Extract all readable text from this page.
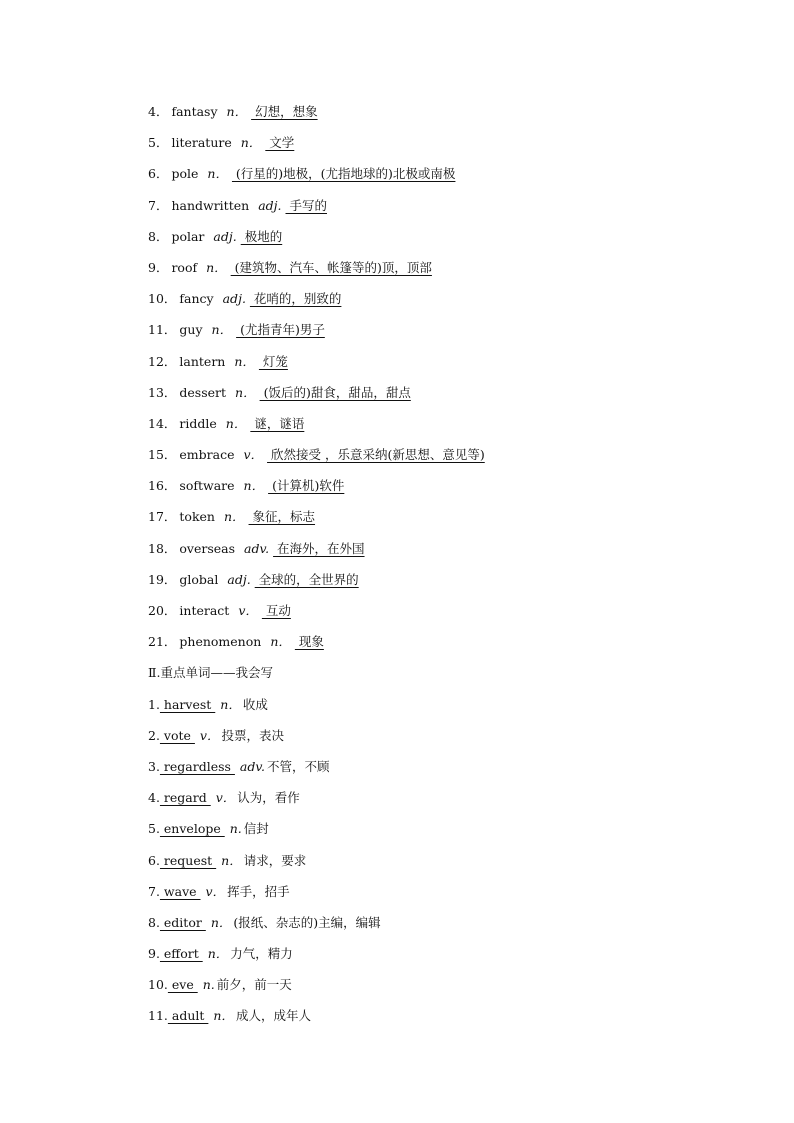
4． fantasy n． 幻想，想象
5． literature n． 文学
6． pole n． (行星的)地极，(尤指地球的)北极或南极
7． handwritten adj. 手写的
8． polar adj. 极地的
9． roof n． (建筑物、汽车、帐篷等的)顶，顶部
10． fancy adj. 花哨的，别致的
11． guy n． (尤指青年)男子
12． lantern n． 灯笼
13． dessert n． (饭后的)甜食，甜品，甜点
14． riddle n． 谜，谜语
15． embrace v． 欣然接受 ，乐意采纳(新思想、意见等)
16． software n． (计算机)软件
17． token n． 象征，标志
18． overseas adv. 在海外，在外国
19． global adj. 全球的，全世界的
20． interact v． 互动
21． phenomenon n． 现象
Ⅱ.重点单词——我会写
1. harvest n． 收成
2. vote v． 投票，表决
3. regardless adv. 不管，不顾
4. regard v． 认为，看作
5. envelope n. 信封
6. request n． 请求，要求
7. wave v． 挥手，招手
8. editor n． (报纸、杂志的)主编，编辑
9. effort n． 力气，精力
10. eve n. 前夕，前一天
11. adult n． 成人，成年人
